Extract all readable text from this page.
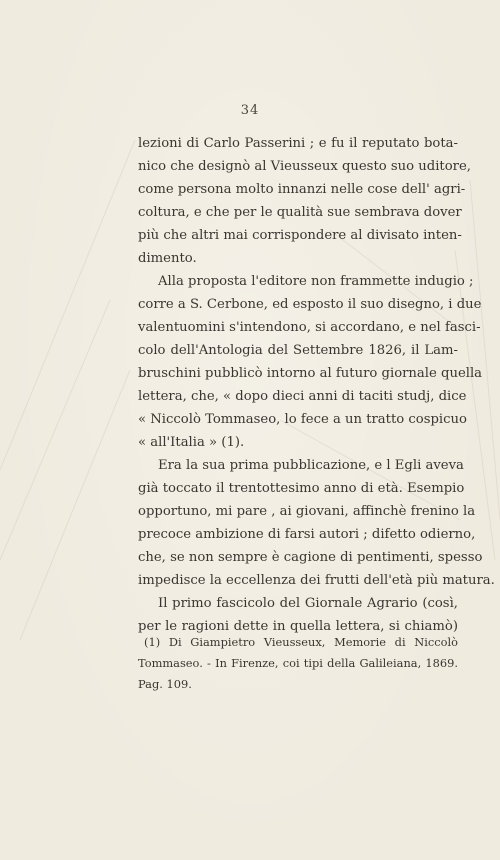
34
lezioni di Carlo Passerini ; e fu il reputato bota-
nico che designò al Vieusseux questo suo uditore,
come persona molto innanzi nelle cose dell' agri-
coltura, e che per le qualità sue sembrava dover
più che altri mai corrispondere al divisato inten-
dimento.
Alla proposta l'editore non frammette indugio ;
corre a S. Cerbone, ed esposto il suo disegno, i due
valentuomini s'intendono, si accordano, e nel fasci-
colo dell'Antologia del Settembre 1826, il Lam-
bruschini pubblicò intorno al futuro giornale quella
lettera, che, « dopo dieci anni di taciti studj, dice
« Niccolò Tommaseo, lo fece a un tratto cospicuo
« all'Italia » (1).
Era la sua prima pubblicazione, e l Egli aveva
già toccato il trentottesimo anno di età. Esempio
opportuno, mi pare , ai giovani, affinchè frenino la
precoce ambizione di farsi autori ; difetto odierno,
che, se non sempre è cagione di pentimenti, spesso
impedisce la eccellenza dei frutti dell'età più matura.
Il primo fascicolo del Giornale Agrario (così,
per le ragioni dette in quella lettera, si chiamò)
(1) Di Giampietro Vieusseux, Memorie di Niccolò
Tommaseo. - In Firenze, coi tipi della Galileiana, 1869.
Pag. 109.
